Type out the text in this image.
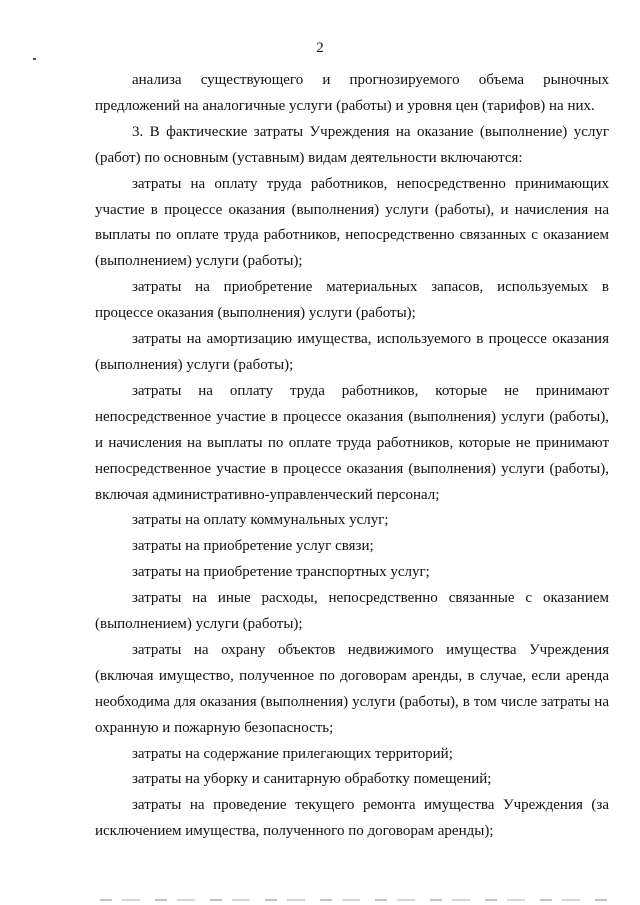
2

анализа существующего и прогнозируемого объема рыночных предложений на аналогичные услуги (работы) и уровня цен (тарифов) на них.

3. В фактические затраты Учреждения на оказание (выполнение) услуг (работ) по основным (уставным) видам деятельности включаются:

затраты на оплату труда работников, непосредственно принимающих участие в процессе оказания (выполнения) услуги (работы), и начисления на выплаты по оплате труда работников, непосредственно связанных с оказанием (выполнением) услуги (работы);

затраты на приобретение материальных запасов, используемых в процессе оказания (выполнения) услуги (работы);

затраты на амортизацию имущества, используемого в процессе оказания (выполнения) услуги (работы);

затраты на оплату труда работников, которые не принимают непосредственное участие в процессе оказания (выполнения) услуги (работы), и начисления на выплаты по оплате труда работников, которые не принимают непосредственное участие в процессе оказания (выполнения) услуги (работы), включая административно-управленческий персонал;

затраты на оплату коммунальных услуг;

затраты на приобретение услуг связи;

затраты на приобретение транспортных услуг;

затраты на иные расходы, непосредственно связанные с оказанием (выполнением) услуги (работы);

затраты на охрану объектов недвижимого имущества Учреждения (включая имущество, полученное по договорам аренды, в случае, если аренда необходима для оказания (выполнения) услуги (работы), в том числе затраты на охранную и пожарную безопасность;

затраты на содержание прилегающих территорий;

затраты на уборку и санитарную обработку помещений;

затраты на проведение текущего ремонта имущества Учреждения (за исключением имущества, полученного по договорам аренды);
